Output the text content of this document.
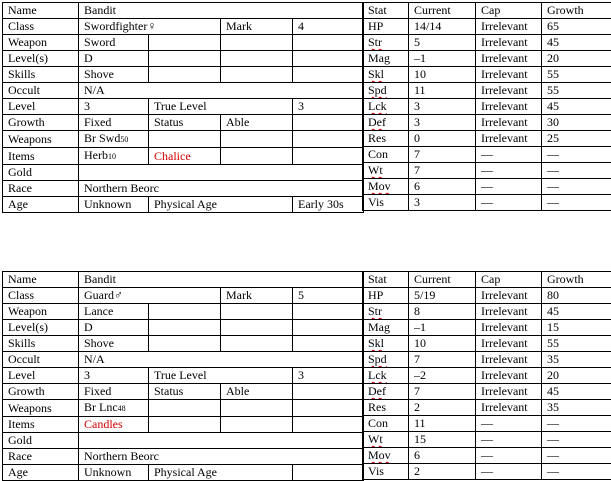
Name	Bandit			
Class	Swordfighter♀		Mark	4
Weapon	Sword			
Level(s)	D			
Skills	Shove			
Occult	N/A			
Level	3	True Level		3
Growth	Fixed	Status	Able	
Weapons	Br Swd50			
Items	Herb10	Chalice		
Gold				
Race	Northern Beorc			
Age	Unknown	Physical Age		Early 30s
Stat	Current	Cap	Growth
HP	14/14	Irrelevant	65
Str	5	Irrelevant	45
Mag	–1	Irrelevant	20
Skl	10	Irrelevant	55
Spd	11	Irrelevant	55
Lck	3	Irrelevant	45
Def	3	Irrelevant	30
Res	0	Irrelevant	25
Con	7	—	—
Wt	7	—	—
Mov	6	—	—
Vis	3	—	—
Name	Bandit			
Class	Guard♂		Mark	5
Weapon	Lance			
Level(s)	D			
Skills	Shove			
Occult	N/A			
Level	3	True Level		3
Growth	Fixed	Status	Able	
Weapons	Br Lnc48			
Items	Candles			
Gold				
Race	Northern Beorc			
Age	Unknown	Physical Age		
Stat	Current	Cap	Growth
HP	5/19	Irrelevant	80
Str	8	Irrelevant	45
Mag	–1	Irrelevant	15
Skl	10	Irrelevant	55
Spd	7	Irrelevant	35
Lck	–2	Irrelevant	20
Def	7	Irrelevant	45
Res	2	Irrelevant	35
Con	11	—	—
Wt	15	—	—
Mov	6	—	—
Vis	2	—	—
